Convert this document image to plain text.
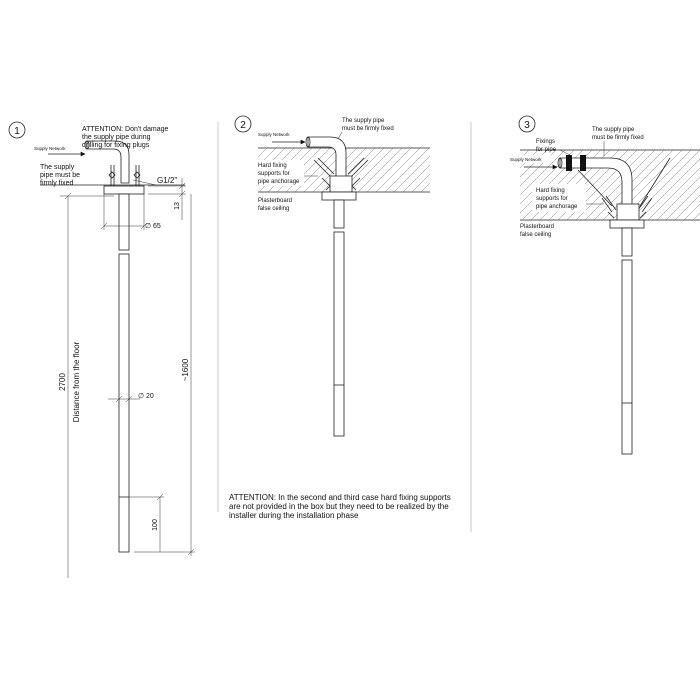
1	ATTENTION: Don't damage
the supply pipe during
drilling for fixing plugs
Supply Network
The supply
pipe must be
firmly fixed	G1/2"
13
∅ 65
2700 Distance from the floor	~1600
∅ 20
100
2
Supply Network
The supply pipe
must be firmly fixed
Hard fixing
supports for
pipe anchorage
Plasterboard
false ceiling
3
Fixings
for pipe
The supply pipe
must be firmly fixed
Supply Network
Hard fixing
supports for
pipe anchorage
Plasterboard
false ceiling
ATTENTION: In the second and third case hard fixing supports
are not provided in the box but they need to be realized by the
installer during the installation phase
